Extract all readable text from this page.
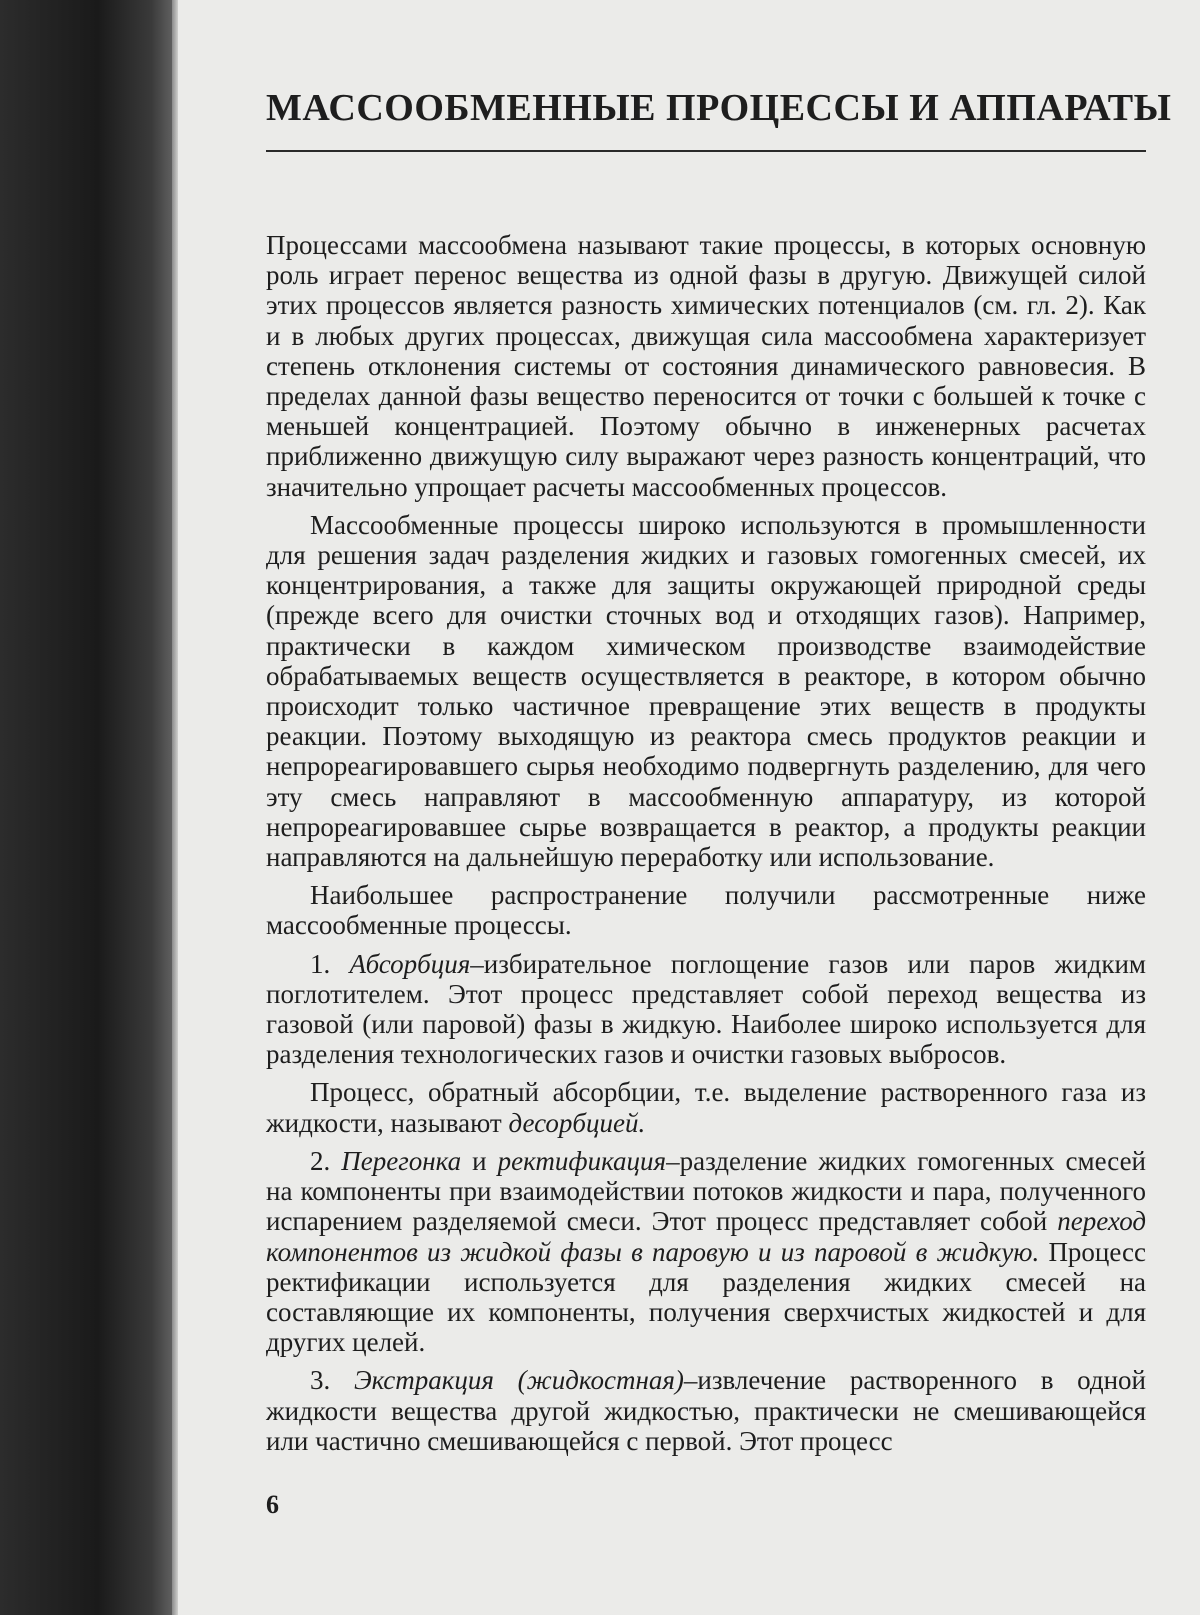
МАССООБМЕННЫЕ ПРОЦЕССЫ И АППАРАТЫ

Процессами массообмена называют такие процессы, в которых основную роль играет перенос вещества из одной фазы в другую. Движущей силой этих процессов является разность химических потенциалов (см. гл. 2). Как и в любых других процессах, движущая сила массообмена характеризует степень отклонения системы от состояния динамического равновесия. В пределах данной фазы вещество переносится от точки с большей к точке с меньшей концентрацией. Поэтому обычно в инженерных расчетах приближенно движущую силу выражают через разность концентраций, что значительно упрощает расчеты массообменных процессов.

Массообменные процессы широко используются в промышленности для решения задач разделения жидких и газовых гомогенных смесей, их концентрирования, а также для защиты окружающей природной среды (прежде всего для очистки сточных вод и отходящих газов). Например, практически в каждом химическом производстве взаимодействие обрабатываемых веществ осуществляется в реакторе, в котором обычно происходит только частичное превращение этих веществ в продукты реакции. Поэтому выходящую из реактора смесь продуктов реакции и непрореагировавшего сырья необходимо подвергнуть разделению, для чего эту смесь направляют в массообменную аппаратуру, из которой непрореагировавшее сырье возвращается в реактор, а продукты реакции направляются на дальнейшую переработку или использование.

Наибольшее распространение получили рассмотренные ниже массообменные процессы.

1. Абсорбция–избирательное поглощение газов или паров жидким поглотителем. Этот процесс представляет собой переход вещества из газовой (или паровой) фазы в жидкую. Наиболее широко используется для разделения технологических газов и очистки газовых выбросов.

Процесс, обратный абсорбции, т.е. выделение растворенного газа из жидкости, называют десорбцией.

2. Перегонка и ректификация–разделение жидких гомогенных смесей на компоненты при взаимодействии потоков жидкости и пара, полученного испарением разделяемой смеси. Этот процесс представляет собой переход компонентов из жидкой фазы в паровую и из паровой в жидкую. Процесс ректификации используется для разделения жидких смесей на составляющие их компоненты, получения сверхчистых жидкостей и для других целей.

3. Экстракция (жидкостная)–извлечение растворенного в одной жидкости вещества другой жидкостью, практически не смешивающейся или частично смешивающейся с первой. Этот процесс

6
